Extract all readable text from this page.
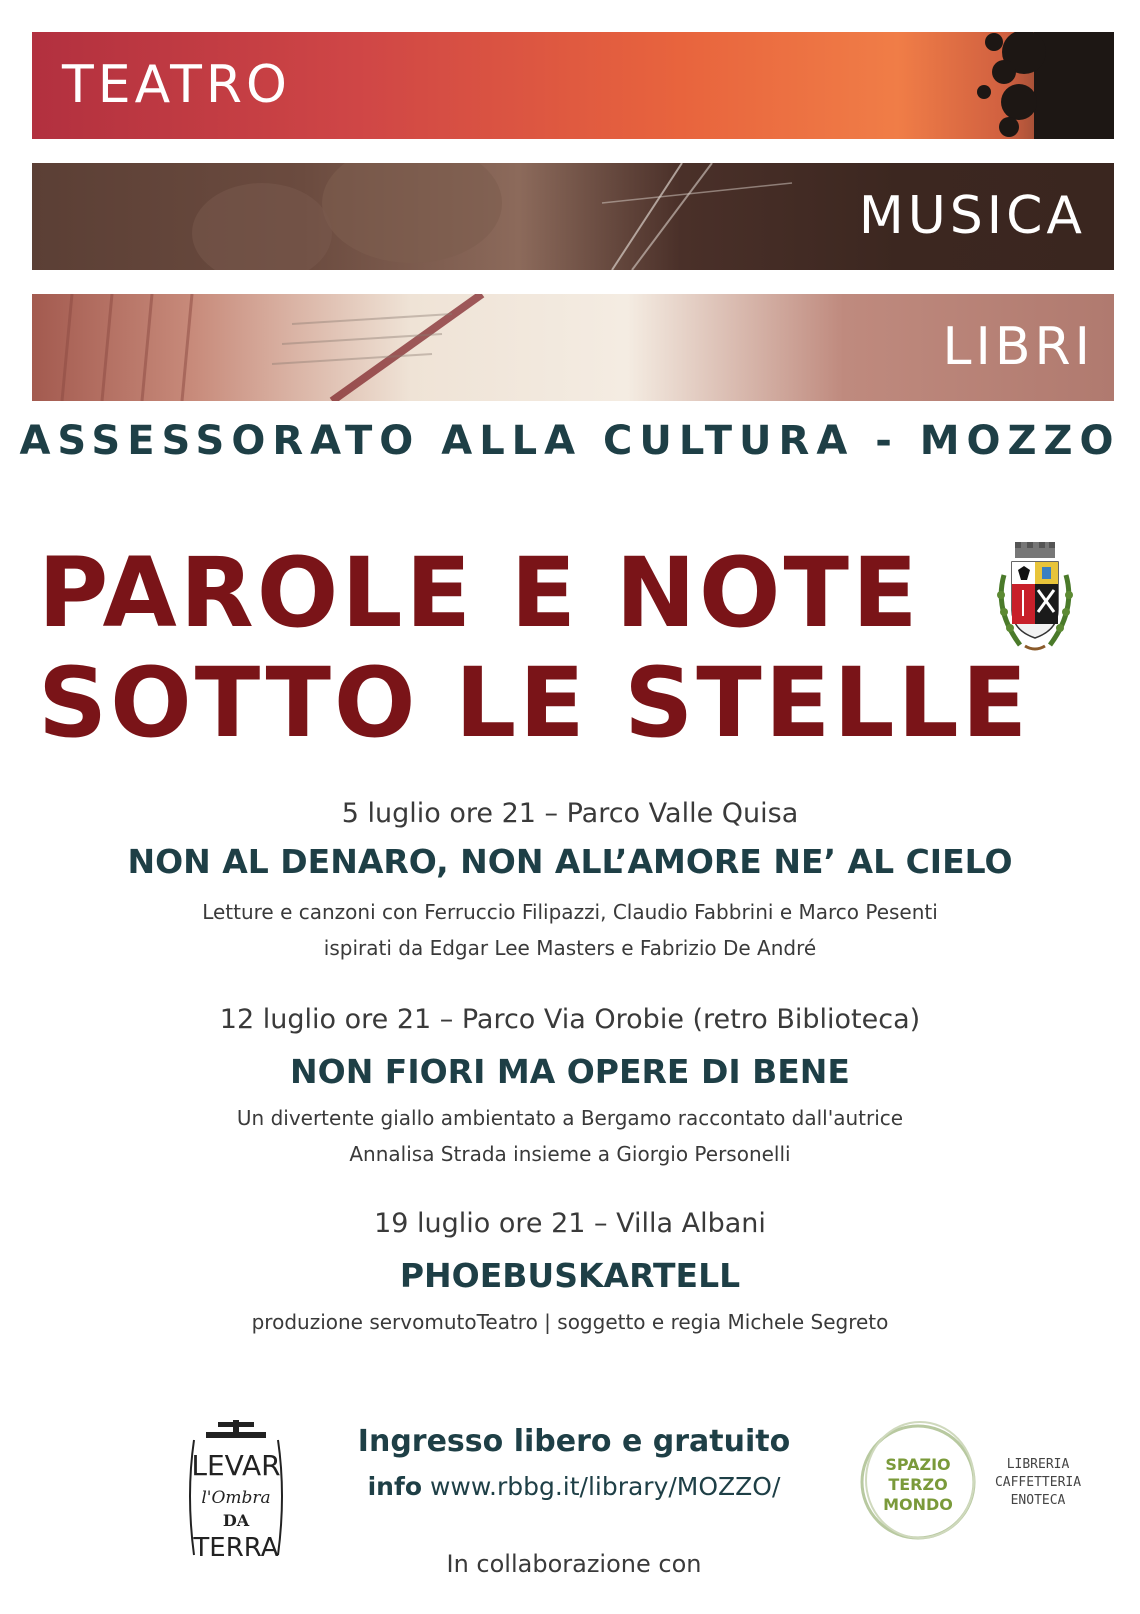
TEATRO
MUSICA
LIBRI
ASSESSORATO ALLA CULTURA - MOZZO
PAROLE E NOTE
SOTTO LE STELLE
5 luglio ore 21 – Parco Valle Quisa
NON AL DENARO, NON ALL’AMORE NE’ AL CIELO
Letture e canzoni con Ferruccio Filipazzi, Claudio Fabbrini e Marco Pesenti
ispirati da Edgar Lee Masters e Fabrizio De André
12 luglio ore 21 – Parco Via Orobie (retro Biblioteca)
NON FIORI MA OPERE DI BENE
Un divertente giallo ambientato a Bergamo raccontato dall'autrice
Annalisa Strada insieme a Giorgio Personelli
19 luglio ore 21 – Villa Albani
PHOEBUSKARTELL
produzione servomutoTeatro | soggetto e regia Michele Segreto
LEVAR
l'Ombra
DA
TERRA
Ingresso libero e gratuito
info www.rbbg.it/library/MOZZO/
In collaborazione con
SPAZIO
TERZO
MONDO
LIBRERIA
CAFFETTERIA
ENOTECA
